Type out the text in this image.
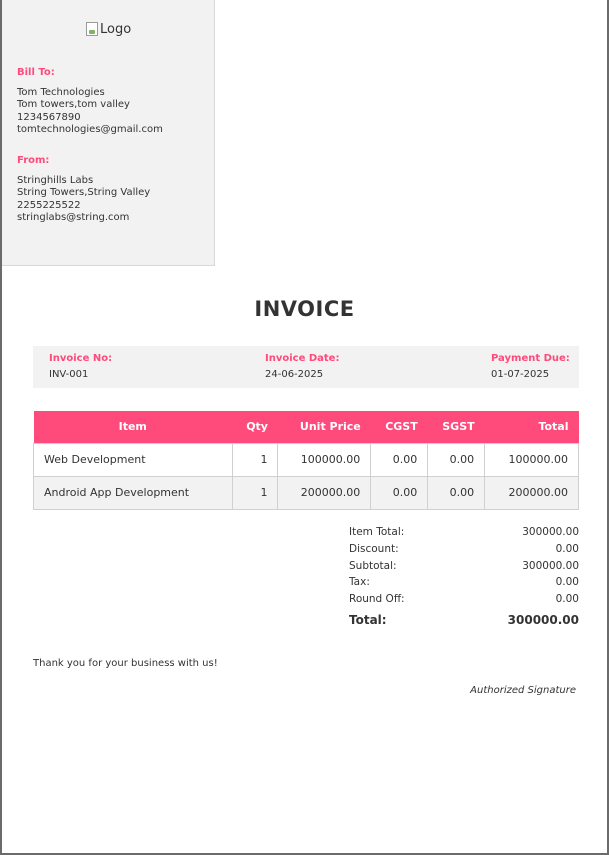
Logo
Bill To:
Tom Technologies
Tom towers,tom valley
1234567890
tomtechnologies@gmail.com
From:
Stringhills Labs
String Towers,String Valley
2255225522
stringlabs@string.com
INVOICE
Invoice No:
INV-001
Invoice Date:
24-06-2025
Payment Due:
01-07-2025
Item	Qty	Unit Price	CGST	SGST	Total
Web Development	1	100000.00	0.00	0.00	100000.00
Android App Development	1	200000.00	0.00	0.00	200000.00
Item Total:	300000.00
Discount:	0.00
Subtotal:	300000.00
Tax:	0.00
Round Off:	0.00
Total:	300000.00
Thank you for your business with us!
Authorized Signature
